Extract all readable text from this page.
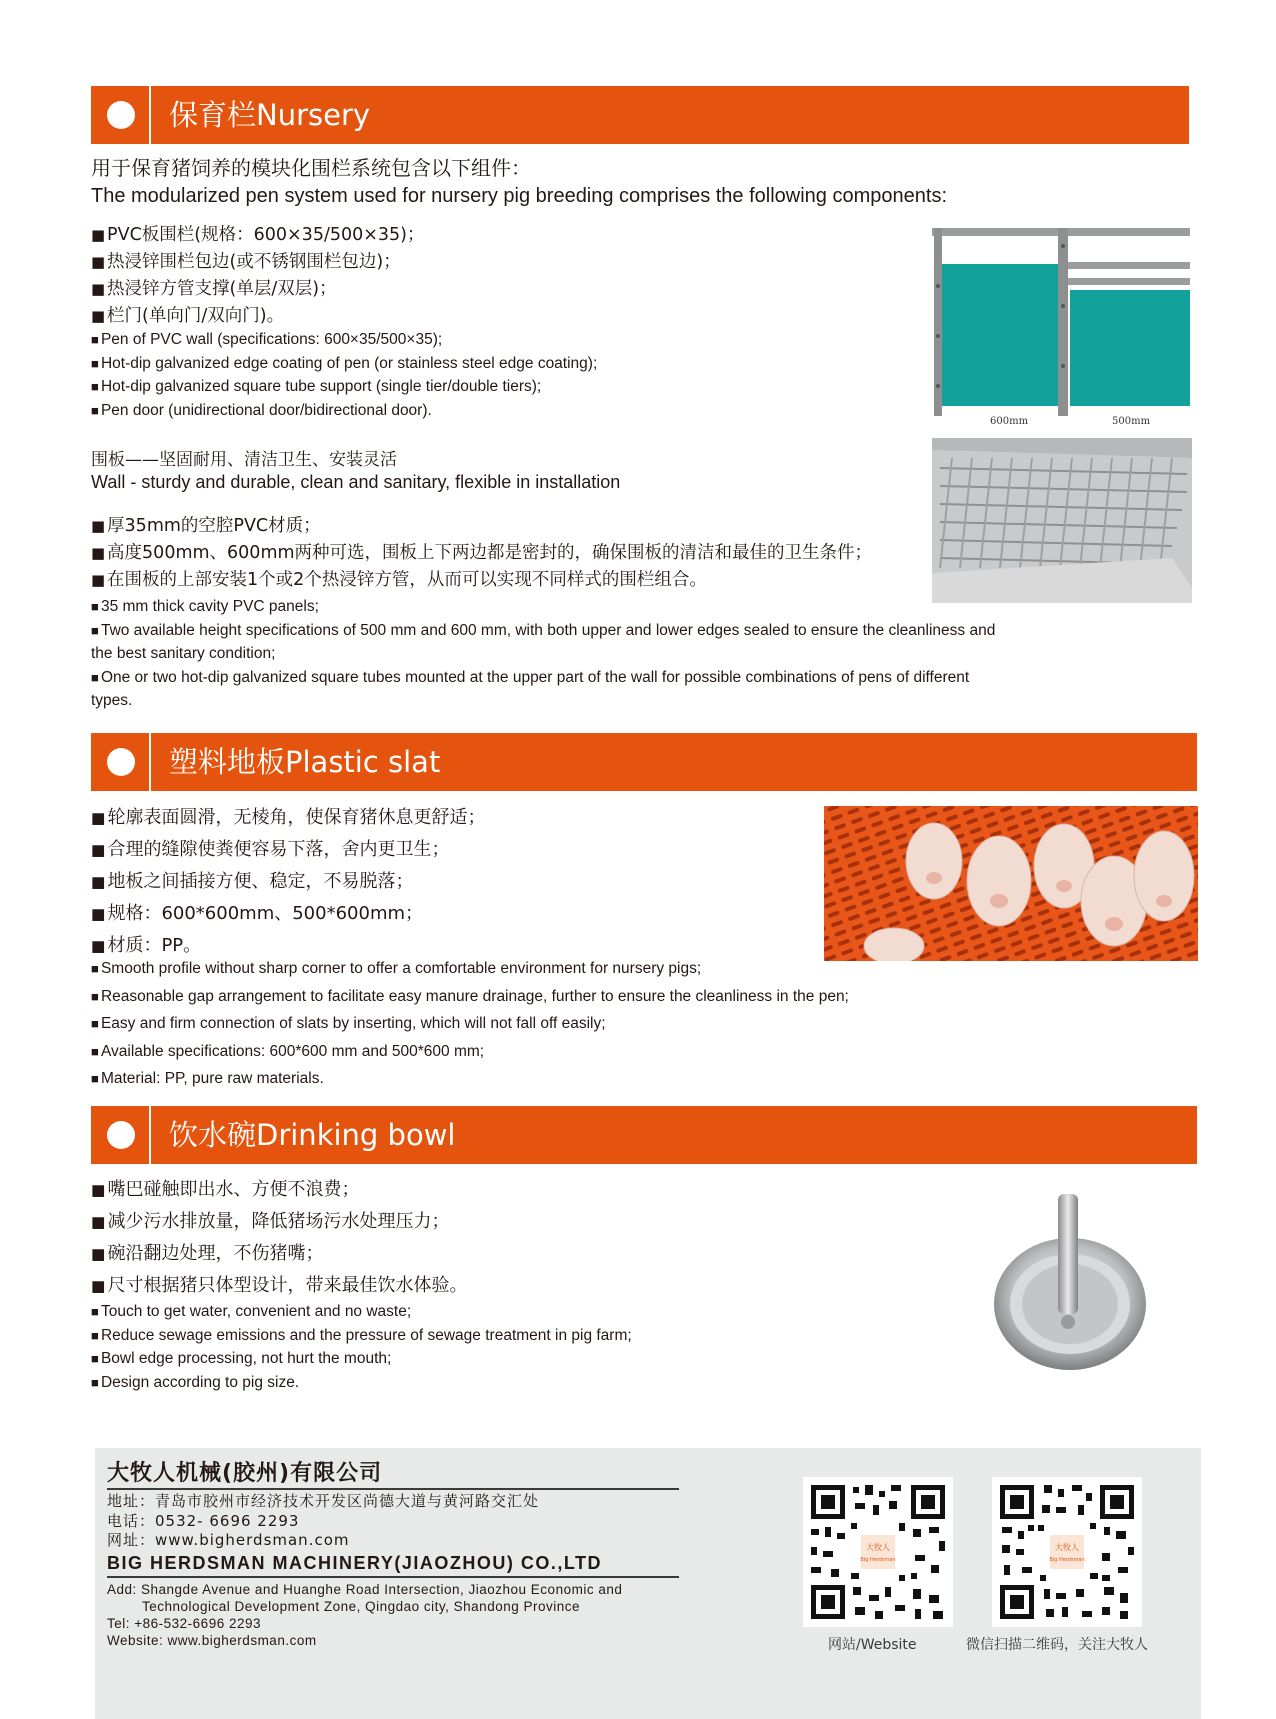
保育栏Nursery
用于保育猪饲养的模块化围栏系统包含以下组件：
The modularized pen system used for nursery pig breeding comprises the following components:
■ PVC板围栏(规格：600×35/500×35)；
■ 热浸锌围栏包边(或不锈钢围栏包边)；
■ 热浸锌方管支撑(单层/双层)；
■ 栏门(单向门/双向门)。
■ Pen of PVC wall (specifications: 600×35/500×35);
■ Hot-dip galvanized edge coating of pen (or stainless steel edge coating);
■ Hot-dip galvanized square tube support (single tier/double tiers);
■ Pen door (unidirectional door/bidirectional door).
600mm	500mm
围板——坚固耐用、清洁卫生、安装灵活
Wall - sturdy and durable, clean and sanitary, flexible in installation
■ 厚35mm的空腔PVC材质；
■ 高度500mm、600mm两种可选，围板上下两边都是密封的，确保围板的清洁和最佳的卫生条件；
■ 在围板的上部安装1个或2个热浸锌方管，从而可以实现不同样式的围栏组合。
■ 35 mm thick cavity PVC panels;
■ Two available height specifications of 500 mm and 600 mm, with both upper and lower edges sealed to ensure the cleanliness and the best sanitary condition;
■ One or two hot-dip galvanized square tubes mounted at the upper part of the wall for possible combinations of pens of different types.
塑料地板Plastic slat
■ 轮廓表面圆滑，无棱角，使保育猪休息更舒适；
■ 合理的缝隙使粪便容易下落，舍内更卫生；
■ 地板之间插接方便、稳定，不易脱落；
■ 规格：600*600mm、500*600mm；
■ 材质：PP。
■ Smooth profile without sharp corner to offer a comfortable environment for nursery pigs;
■ Reasonable gap arrangement to facilitate easy manure drainage, further to ensure the cleanliness in the pen;
■ Easy and firm connection of slats by inserting, which will not fall off easily;
■ Available specifications: 600*600 mm and 500*600 mm;
■ Material: PP, pure raw materials.
饮水碗Drinking bowl
■ 嘴巴碰触即出水、方便不浪费；
■ 减少污水排放量，降低猪场污水处理压力；
■ 碗沿翻边处理，不伤猪嘴；
■ 尺寸根据猪只体型设计，带来最佳饮水体验。
■ Touch to get water, convenient and no waste;
■ Reduce sewage emissions and the pressure of sewage treatment in pig farm;
■ Bowl edge processing, not hurt the mouth;
■ Design according to pig size.
大牧人机械(胶州)有限公司
地址：青岛市胶州市经济技术开发区尚德大道与黄河路交汇处
电话：0532- 6696 2293
网址：www.bigherdsman.com
BIG HERDSMAN MACHINERY(JIAOZHOU) CO.,LTD
Add: Shangde Avenue and Huanghe Road Intersection, Jiaozhou Economic and
Technological Development Zone, Qingdao city, Shandong Province
Tel: +86-532-6696 2293
Website: www.bigherdsman.com
大牧人
Big Herdsman
网站/Website
大牧人
Big Herdsman
微信扫描二维码，关注大牧人
